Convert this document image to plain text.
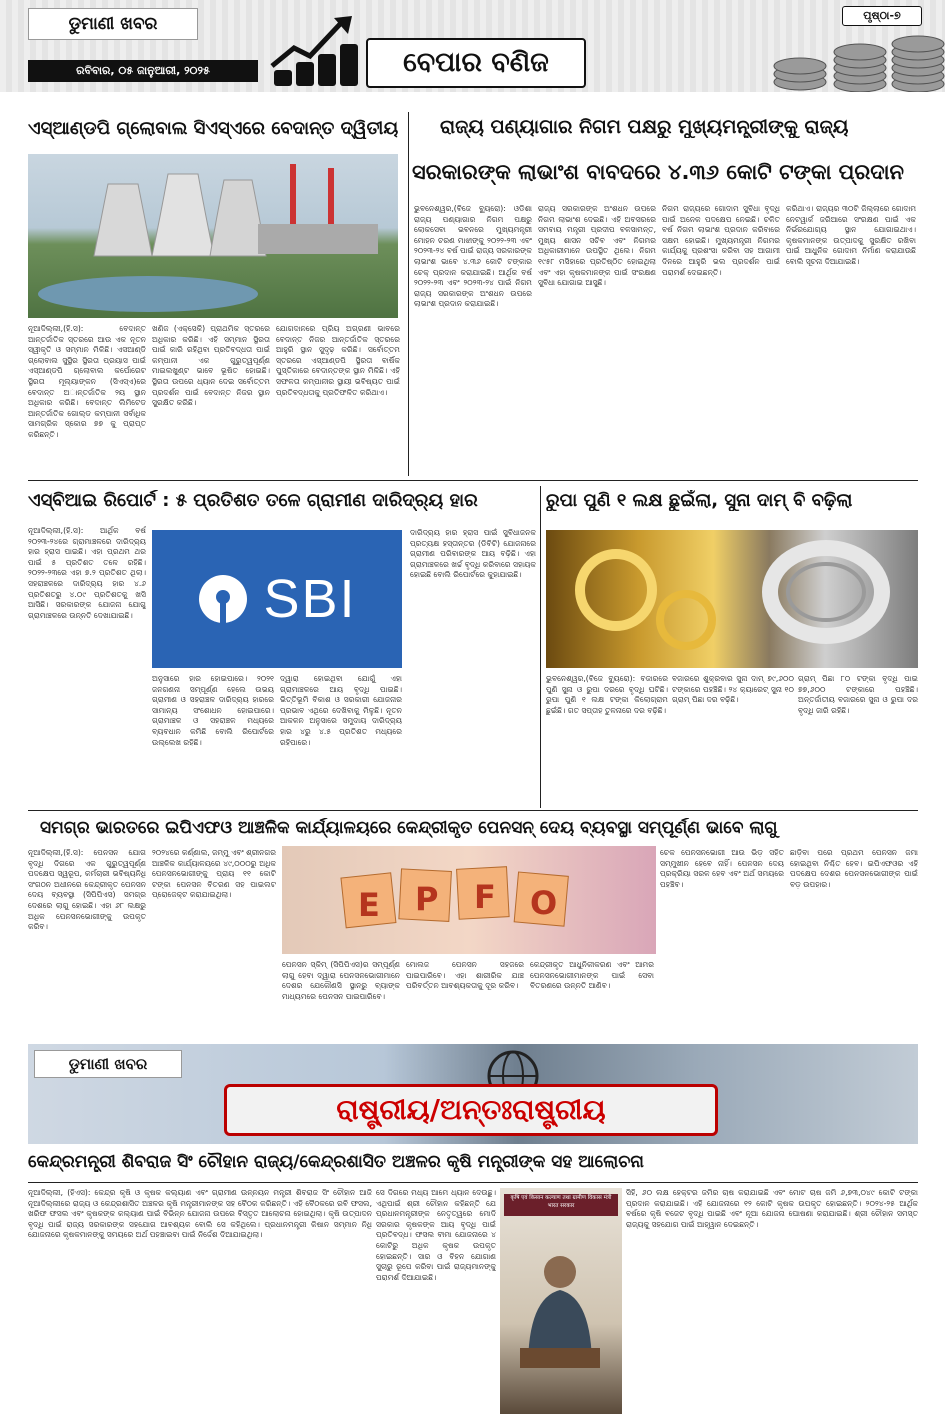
ଡୁମାଣୀ ଖବର
ରବିବାର, ୦୫ ଜାନୁଆରୀ, ୨୦୨୫	ବେପାର ବଣିଜ
ପୃଷ୍ଠା-୭
ଏସ୍‌ଆଣ୍ଡପି ଗ୍ଲୋବାଲ ସିଏସ୍‌ଏରେ ବେଦାନ୍ତ ଦ୍ୱିତୀୟ
ନୂଆଦିଲ୍ଲୀ,(ହି.ସ): ବେଦାନ୍ତ ଆନ୍ତର୍ଜାତିକ ସ୍ତରରେ ଆଉ ଏକ ନୂତନ ସ୍ୱୀକୃତି ଓ ସମ୍ମାନ ମିଳିଛି। ଏସଆଣ୍ଡି ଗ୍ଲୋବାଲ ସୁସ୍ଥିର ସ୍ଥିରତା ପ୍ରୟାସ ପାଇଁ ଏସ୍‌ଆଣ୍ଡପି ଗ୍ଲୋବାଲ କର୍ପୋରେଟ ସ୍ଥିରତା ମୂଲ୍ୟାଙ୍କନ (ସିଏସ୍‌ଏ)ରେ ବେଦାନ୍ତ ଅାନ୍ତର୍ଜାତିକ ୨ୟ ସ୍ଥାନ ଅଧିକାର କରିଛି। ବେଦାନ୍ତ ଲିମିଟେଡ ଆନ୍ତର୍ଜାତିକ ଗୋଲ୍ଡ କମ୍ପାନୀ ସର୍ବାଧିକ ସାମଗ୍ରିକ ସ୍କୋର ୭୭ କୁ ପ୍ରାପ୍ତ କରିଛନ୍ତି।
ଖଣିଜ (ଏକ୍ସେକି) ପ୍ରାଥମିକ ସ୍ତରରେ ଅଧିକାର କରିଛି। ଏହି ସମ୍ମାନ ସ୍ଥିରତା ପାଇଁ କାରି ରହିଥିବା ପ୍ରତିବଦ୍ଧତା ପାଇଁ କମ୍ପାନୀ ଏକ ଗୁରୁତ୍ୱପୂର୍ଣ୍ଣ ମାଇଲଖୁଣ୍ଟ ଭାବେ ଭୂଷିତ ହୋଇଛି। ସ୍ଥିରତା ଉପରେ ଧ୍ୟାନ ଦେଇ ସର୍ବୋତ୍ତମ ପ୍ରଦର୍ଶନ ପାଇଁ ବେଦାନ୍ତ ନିଜର ସ୍ଥାନ ସୁରକ୍ଷିତ କରିଛି।
ଯୋଗଦାନରେ ପ୍ରିୟ ଅଗ୍ରଣୀ ଭାବରେ ବେଦାନ୍ତ ନିଜର ଆନ୍ତର୍ଜାତିକ ସ୍ତରରେ ଆହୁରି ସ୍ଥାନ ସୁଦୃଢ଼ କରିଛି। ସର୍ବୋତ୍ତମ ସ୍ତରରେ ଏସ୍‌ଆଣ୍ଡପି ସ୍ଥିରତା ବାର୍ଷିକ ପୁସ୍ତିକାରେ ବେଦାନ୍ତଙ୍କ ସ୍ଥାନ ମିଳିଛି। ଏହି ସଫଳତା କମ୍ପାନୀର ସ୍ଥାୟୀ ଭବିଷ୍ୟତ ପାଇଁ ପ୍ରତିବଦ୍ଧତାକୁ ପ୍ରତିଫଳିତ କରିଥାଏ।
ରାଜ୍ୟ ପଣ୍ୟାଗାର ନିଗମ ପକ୍ଷରୁ ମୁଖ୍ୟମନ୍ତ୍ରୀଙ୍କୁ ରାଜ୍ୟ
ସରକାରଙ୍କ ଲାଭାଂଶ ବାବଦରେ ୪.୩୬ କୋଟି ଟଙ୍କା ପ୍ରଦାନ
ଭୁବନେଶ୍ୱର,(ବିଜେ ବ୍ୟୁରୋ): ଓଡିଶା ରାଜ୍ୟ ପଣ୍ୟାଗାର ନିଗମ ପକ୍ଷରୁ ଲୋକସେବା ଭବନରେ ମୁଖ୍ୟମନ୍ତ୍ରୀ ମୋହନ ଚରଣ ମାଝୀଙ୍କୁ ୨୦୨୨-୨୩ ଏବଂ ୨୦୨୩-୨୪ ବର୍ଷ ପାଇଁ ରାଜ୍ୟ ସରକାରଙ୍କ ଲାଭାଂଶ ଭାବେ ୪.୩୬ କୋଟି ଟଙ୍କାର ଚେକ୍ ପ୍ରଦାନ କରାଯାଇଛି। ଆର୍ଥିକ ବର୍ଷ ୨୦୨୨-୨୩ ଏବଂ ୨୦୨୩-୨୪ ପାଇଁ ନିଗମ ରାଜ୍ୟ ସରକାରଙ୍କ ଅଂଶଧନ ଉପରେ ଲାଭାଂଶ ପ୍ରଦାନ କରାଯାଇଛି।
ରାଜ୍ୟ ସରକାରଙ୍କ ଅଂଶଧନ ଉପରେ ନିଗମ ଲାଭାଂଶ ଦେଇଛି। ଏହି ଅବସରରେ ସମବାୟ ମନ୍ତ୍ରୀ ପ୍ରଦୀପ ବଳସାମନ୍ତ, ମୁଖ୍ୟ ଶାସନ ସଚିବ ଏବଂ ନିଗମର ଅଧିକାରୀମାନେ ଉପସ୍ଥିତ ଥିଲେ। ନିଗମ ୧୯୫୮ ମସିହାରେ ପ୍ରତିଷ୍ଠିତ ହୋଇଥିଲା ଏବଂ ଏହା କୃଷକମାନଙ୍କ ପାଇଁ ସଂରକ୍ଷଣ ସୁବିଧା ଯୋଗାଇ ଆସୁଛି।
ନିଗମ ରାଜ୍ୟରେ ଗୋଦାମ ସୁବିଧା ବୃଦ୍ଧି ପାଇଁ ଅନେକ ପଦକ୍ଷେପ ନେଇଛି। ଚଳିତ ବର୍ଷ ନିଗମ ଲାଭାଂଶ ପ୍ରଦାନ କରିବାରେ ସକ୍ଷମ ହୋଇଛି। ମୁଖ୍ୟମନ୍ତ୍ରୀ ନିଗମର କାର୍ଯ୍ୟକୁ ପ୍ରଶଂସା କରିବା ସହ ଆଗାମୀ ଦିନରେ ଆହୁରି ଭଲ ପ୍ରଦର୍ଶନ ପାଇଁ ପରାମର୍ଶ ଦେଇଛନ୍ତି।
କରିଥାଏ। ରାଜ୍ୟର ୩୦ଟି ଜିଲ୍ଲାରେ ଗୋଦାମ ନେଟୱାର୍କ ଜରିଆରେ ସଂରକ୍ଷଣ ପାଇଁ ଏକ ନିର୍ଭରଯୋଗ୍ୟ ସ୍ଥାନ ଯୋଗାଇଥାଏ। କୃଷକମାନଙ୍କ ଉତ୍ପାଦକୁ ସୁରକ୍ଷିତ ରଖିବା ପାଇଁ ଆଧୁନିକ ଗୋଦାମ ନିର୍ମାଣ କରାଯାଉଛି ବୋଲି ସୂଚନା ଦିଆଯାଇଛି।
ଏସ୍‌ବିଆଇ ରିପୋର୍ଟ : ୫ ପ୍ରତିଶତ ତଳେ ଗ୍ରାମୀଣ ଦାରିଦ୍ର୍ୟ ହାର
ନୂଆଦିଲ୍ଲୀ,(ହି.ସ): ଆର୍ଥିକ ବର୍ଷ ୨୦୨୩-୨୪ରେ ଗ୍ରାମାଞ୍ଚଳରେ ଦାରିଦ୍ର୍ୟ ହାର ହ୍ରାସ ପାଇଛି। ଏହା ପ୍ରଥମ ଥର ପାଇଁ ୫ ପ୍ରତିଶତ ତଳେ ରହିଛି। ୨୦୨୨-୨୩ରେ ଏହା ୭.୨ ପ୍ରତିଶତ ଥିଲା। ସହରାଞ୍ଚଳରେ ଦାରିଦ୍ର୍ୟ ହାର ୪.୬ ପ୍ରତିଶତରୁ ୪.୦୯ ପ୍ରତିଶତକୁ ଖସି ଆସିଛି। ସରକାରଙ୍କ ଯୋଜନା ଯୋଗୁ ଗ୍ରାମାଞ୍ଚଳରେ ଉନ୍ନତି ଦେଖାଯାଇଛି। SBI
ଅନୁସାରେ ହାର ହୋଇପାରେ। ୨୦୨୧ ଜନଗଣନା ସମ୍ପୂର୍ଣ୍ଣ ହେଲେ ଉଭୟ ଗ୍ରାମୀଣ ଓ ସହରାଞ୍ଚଳ ଦାରିଦ୍ର୍ୟ ହାରରେ ସାମାନ୍ୟ ସଂଶୋଧନ ହୋଇପାରେ। ଗ୍ରାମାଞ୍ଚଳ ଓ ସହରାଞ୍ଚଳ ମଧ୍ୟରେ ବ୍ୟବଧାନ କମିଛି ବୋଲି ରିପୋର୍ଟରେ ଉଲ୍ଲେଖ ରହିଛି।
ଦ୍ୱାରା ହୋଇଥିବା ଯୋଗୁଁ ଏହା ଗ୍ରାମାଞ୍ଚଳରେ ଆୟ ବୃଦ୍ଧି ପାଇଛି। ଭିତ୍ତିଭୂମି ବିକାଶ ଓ ସରକାରୀ ଯୋଜନାର ପ୍ରଭାବ ଏଥିରେ ଦେଖିବାକୁ ମିଳୁଛି। ନୂତନ ଆକଳନ ଅନୁସାରେ ସମୁଦାୟ ଦାରିଦ୍ର୍ୟ ହାର ୪ରୁ ୪.୫ ପ୍ରତିଶତ ମଧ୍ୟରେ ରହିପାରେ।
ଦାରିଦ୍ର୍ୟ ହାର ହ୍ରାସ ପାଇଁ ସୁବିଧାଜନକ ପ୍ରତ୍ୟକ୍ଷ ହସ୍ତାନ୍ତର (ଡିବିଟି) ଯୋଜନାରେ ଗ୍ରାମୀଣ ପରିବାରଙ୍କ ଆୟ ବଢ଼ିଛି। ଏହା ଗ୍ରାମାଞ୍ଚଳରେ ଖର୍ଚ୍ଚ ବୃଦ୍ଧି କରିବାରେ ସହାୟକ ହୋଇଛି ବୋଲି ରିପୋର୍ଟରେ କୁହାଯାଇଛି।
ରୁପା ପୁଣି ୧ ଲକ୍ଷ ଛୁଇଁଲା, ସୁନା ଦାମ୍ ବି ବଢ଼ିଲା
ଭୁବନେଶ୍ୱର,(ବିଜେ ବ୍ୟୁରୋ): ବଜାରରେ ପୁଣି ସୁନା ଓ ରୁପା ଦରରେ ବୃଦ୍ଧି ଘଟିଛି। ରୁପା ପୁଣି ୧ ଲକ୍ଷ ଟଙ୍କା କିଲୋଗ୍ରାମ ଛୁଇଁଛି। ଗତ ସପ୍ତାହ ତୁଳନାରେ ଦର ବଢ଼ିଛି।
ବଜାରରେ ଶୁକ୍ରବାର ସୁନା ଦାମ୍ ୭୯,୬୦୦ ଟଙ୍କାରେ ପହଞ୍ଚିଛି। ୨୪ କ୍ୟାରେଟ୍ ସୁନା ୧୦ ଗ୍ରାମ୍ ପିଛା ଦର ବଢ଼ିଛି।
ଗ୍ରାମ୍ ପିଛା ୮୦ ଟଙ୍କା ବୃଦ୍ଧି ପାଇ ୭୭,୬୦୦ ଟଙ୍କାରେ ପହଞ୍ଚିଛି। ଅନ୍ତର୍ଜାତୀୟ ବଜାରରେ ସୁନା ଓ ରୁପା ଦର ବୃଦ୍ଧି ଜାରି ରହିଛି।
ସମଗ୍ର ଭାରତରେ ଇପିଏଫଓ ଆଞ୍ଚଳିକ କାର୍ଯ୍ୟାଳୟରେ କେନ୍ଦ୍ରୀକୃତ ପେନସନ୍ ଦେୟ ବ୍ୟବସ୍ଥା ସମ୍ପୂର୍ଣ୍ଣ ଭାବେ ଲାଗୁ
ନୂଆଦିଲ୍ଲୀ,(ହି.ସ): ପେନସନ ଯୋଗ ବୃଦ୍ଧି ଦିଗରେ ଏକ ଗୁରୁତ୍ୱପୂର୍ଣ୍ଣ ପଦକ୍ଷେପ ସ୍ୱରୂପ, କର୍ମଚାରୀ ଭବିଷ୍ୟନିଧି ସଂଗଠନ ଅଧୀନରେ କେନ୍ଦ୍ରୀକୃତ ପେନସନ ଦେୟ ବ୍ୟବସ୍ଥା (ସିପିପିଏସ) ସମଗ୍ର ଦେଶରେ ଲାଗୁ ହୋଇଛି। ଏହା ୬୮ ଲକ୍ଷରୁ ଅଧିକ ପେନସନଭୋଗୀଙ୍କୁ ଉପକୃତ କରିବ।
୨୦୨୪ରେ କର୍ଣ୍ଣାଲ, ଜମ୍ମୁ ଏବଂ ଶ୍ରୀନଗର ଆଞ୍ଚଳିକ କାର୍ଯ୍ୟାଳୟରେ ୪୯,୦୦୦ରୁ ଅଧିକ ପେନସନଭୋଗୀଙ୍କୁ ପ୍ରାୟ ୧୧ କୋଟି ଟଙ୍କା ପେନସନ ବିତରଣ ସହ ପାଇଲଟ ପ୍ରୋଜେକ୍ଟ କରାଯାଇଥିଲା।	E P F O
ପେନସନ ସ୍କିମ୍ (ସିପିପିଏସ)ର ସମ୍ପୂର୍ଣ୍ଣ ଲାଗୁ ହେବା ଦ୍ୱାରା ପେନସନଭୋଗୀମାନେ ଦେଶର ଯେକୌଣସି ସ୍ଥାନରୁ ବ୍ୟାଙ୍କ ମାଧ୍ୟମରେ ପେନସନ ପାଇପାରିବେ।
ମୋଲଜ ପେନସନ ସହଜରେ ପାଇପାରିବେ। ଏହା ଶାରୀରିକ ଯାଞ୍ଚ ପରିବର୍ତ୍ତନ ଆବଶ୍ୟକତାକୁ ଦୂର କରିବ।
କେନ୍ଦ୍ରୀକୃତ ଆଧୁନିକୀକରଣ ଏବଂ ଆମର ପେନସନଭୋଗୀମାନଙ୍କ ପାଇଁ ସେବା ବିତରଣରେ ଉନ୍ନତି ଆଣିବ।
ଚେକ ପେନସନଭୋଗୀ ଆଉ ଭିଡ଼ ସହିତ ସମ୍ମୁଖୀନ ହେବେ ନାହିଁ। ପେନସନ ଦେୟ ପ୍ରକ୍ରିୟା ସରଳ ହେବ ଏବଂ ଅର୍ଥ ସମୟରେ ପହଞ୍ଚିବ।
ଛାଡ଼ିବା ପରେ ପ୍ରଥମ ପେନସନ ଜମା ହୋଇଥିବା ନିଶ୍ଚିତ ହେବ। ଇପିଏଫଓର ଏହି ପଦକ୍ଷେପ ଦେଶର ପେନସନଭୋଗୀଙ୍କ ପାଇଁ ବଡ଼ ଉପହାର।
ଡୁମାଣୀ ଖବର
ରାଷ୍ଟ୍ରୀୟ/ଅନ୍ତଃରାଷ୍ଟ୍ରୀୟ
କେନ୍ଦ୍ରମନ୍ତ୍ରୀ ଶିବରାଜ ସିଂ ଚୌହାନ ରାଜ୍ୟ/କେନ୍ଦ୍ରଶାସିତ ଅଞ୍ଚଳର କୃଷି ମନ୍ତ୍ରୀଙ୍କ ସହ ଆଲୋଚନା
ନୂଆଦିଲ୍ଲୀ, (ହିଏସ): କେନ୍ଦ୍ର କୃଷି ଓ କୃଷକ କଲ୍ୟାଣ ଏବଂ ଗ୍ରାମୀଣ ଉନ୍ନୟନ ମନ୍ତ୍ରୀ ଶିବରାଜ ସିଂ ଚୌହାନ ଆଜି ନୂଆଦିଲ୍ଲୀରେ ରାଜ୍ୟ ଓ କେନ୍ଦ୍ରଶାସିତ ଅଞ୍ଚଳର କୃଷି ମନ୍ତ୍ରୀମାନଙ୍କ ସହ ବୈଠକ କରିଛନ୍ତି। ଏହି ବୈଠକରେ ରବି ଫସଲ, ଖରିଫ ଫସଲ ଏବଂ କୃଷକଙ୍କ କଲ୍ୟାଣ ପାଇଁ ବିଭିନ୍ନ ଯୋଜନା ଉପରେ ବିସ୍ତୃତ ଆଲୋଚନା ହୋଇଥିଲା। କୃଷି ଉତ୍ପାଦନ ବୃଦ୍ଧି ପାଇଁ ରାଜ୍ୟ ସରକାରଙ୍କ ସହଯୋଗ ଆବଶ୍ୟକ ବୋଲି ସେ କହିଥିଲେ। ପ୍ରଧାନମନ୍ତ୍ରୀ କିଷାନ ସମ୍ମାନ ନିଧି ଯୋଜନାରେ କୃଷକମାନଙ୍କୁ ସମୟରେ ଅର୍ଥ ପହଞ୍ଚାଇବା ପାଇଁ ନିର୍ଦ୍ଦେଶ ଦିଆଯାଇଥିଲା।
ସେ ଦିଗରେ ମଧ୍ୟ ଆମେ ଧ୍ୟାନ ଦେଉଛୁ। ଏଥିପାଇଁ ଶ୍ରୀ ଚୌହାନ କହିଛନ୍ତି ଯେ ପ୍ରଧାନମନ୍ତ୍ରୀଙ୍କ ନେତୃତ୍ୱରେ ମୋଦି ସରକାର କୃଷକଙ୍କ ଆୟ ବୃଦ୍ଧି ପାଇଁ ପ୍ରତିବଦ୍ଧ। ଫସଲ ବୀମା ଯୋଜନାରେ ୪ କୋଟିରୁ ଅଧିକ କୃଷକ ଉପକୃତ ହୋଇଛନ୍ତି। ସାର ଓ ବିହନ ଯୋଗାଣ ସୁଚାରୁ ରୂପେ କରିବା ପାଇଁ ରାଜ୍ୟମାନଙ୍କୁ ପରାମର୍ଶ ଦିଆଯାଇଛି।
कृषि एवं किसान कल्याण तथा ग्रामीण विकास मंत्री
भारत सरकार
ସିହି, ୬୦ ଲକ୍ଷ ହେକ୍ଟର ଜମିର ଚାଷ କରାଯାଇଛି ଏବଂ ମୋଟ ଚାଷ ଜମି ୬,୭୩,୦୪୯ କୋଟି ଟଙ୍କା ପ୍ରଦାନ କରାଯାଇଛି। ଏହି ଯୋଜନାରେ ୧୨ କୋଟି କୃଷକ ଉପକୃତ ହୋଇଛନ୍ତି। ୨୦୨୪-୨୫ ଆର୍ଥିକ ବର୍ଷରେ କୃଷି ବଜେଟ ବୃଦ୍ଧି ପାଇଛି ଏବଂ ନୂଆ ଯୋଜନା ଘୋଷଣା କରାଯାଇଛି। ଶ୍ରୀ ଚୌହାନ ସମସ୍ତ ରାଜ୍ୟକୁ ସହଯୋଗ ପାଇଁ ଆହ୍ୱାନ ଦେଇଛନ୍ତି।
